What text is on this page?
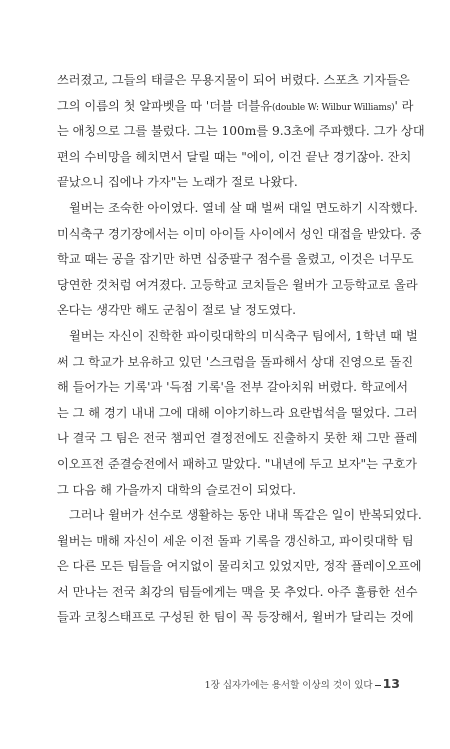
쓰러졌고, 그들의 태클은 무용지물이 되어 버렸다. 스포츠 기자들은
그의 이름의 첫 알파벳을 따 '더블 더블유(double W: Wilbur Williams)' 라
는 애칭으로 그를 불렀다. 그는 100m를 9.3초에 주파했다. 그가 상대
편의 수비망을 헤치면서 달릴 때는 "에이, 이건 끝난 경기잖아. 잔치
끝났으니 집에나 가자"는 노래가 절로 나왔다.
윌버는 조숙한 아이였다. 열네 살 때 벌써 대일 면도하기 시작했다.
미식축구 경기장에서는 이미 아이들 사이에서 성인 대접을 받았다. 중
학교 때는 공을 잡기만 하면 십중팔구 점수를 올렸고, 이것은 너무도
당연한 것처럼 여겨졌다. 고등학교 코치들은 윌버가 고등학교로 올라
온다는 생각만 해도 군침이 절로 날 정도였다.
윌버는 자신이 진학한 파이릿대학의 미식축구 팀에서, 1학년 때 벌
써 그 학교가 보유하고 있던 '스크럼을 돌파해서 상대 진영으로 돌진
해 들어가는 기록'과 '득점 기록'을 전부 갈아치워 버렸다. 학교에서
는 그 해 경기 내내 그에 대해 이야기하느라 요란법석을 떨었다. 그러
나 결국 그 팀은 전국 챔피언 결정전에도 진출하지 못한 채 그만 플레
이오프전 준결승전에서 패하고 말았다. "내년에 두고 보자"는 구호가
그 다음 해 가을까지 대학의 슬로건이 되었다.
그러나 윌버가 선수로 생활하는 동안 내내 똑같은 일이 반복되었다.
윌버는 매해 자신이 세운 이전 돌파 기록을 갱신하고, 파이릿대학 팀
은 다른 모든 팀들을 여지없이 물리치고 있었지만, 정작 플레이오프에
서 만나는 전국 최강의 팀들에게는 맥을 못 추었다. 아주 훌륭한 선수
들과 코칭스태프로 구성된 한 팀이 꼭 등장해서, 윌버가 달리는 것에
1장 십자가에는 용서할 이상의 것이 있다 13
